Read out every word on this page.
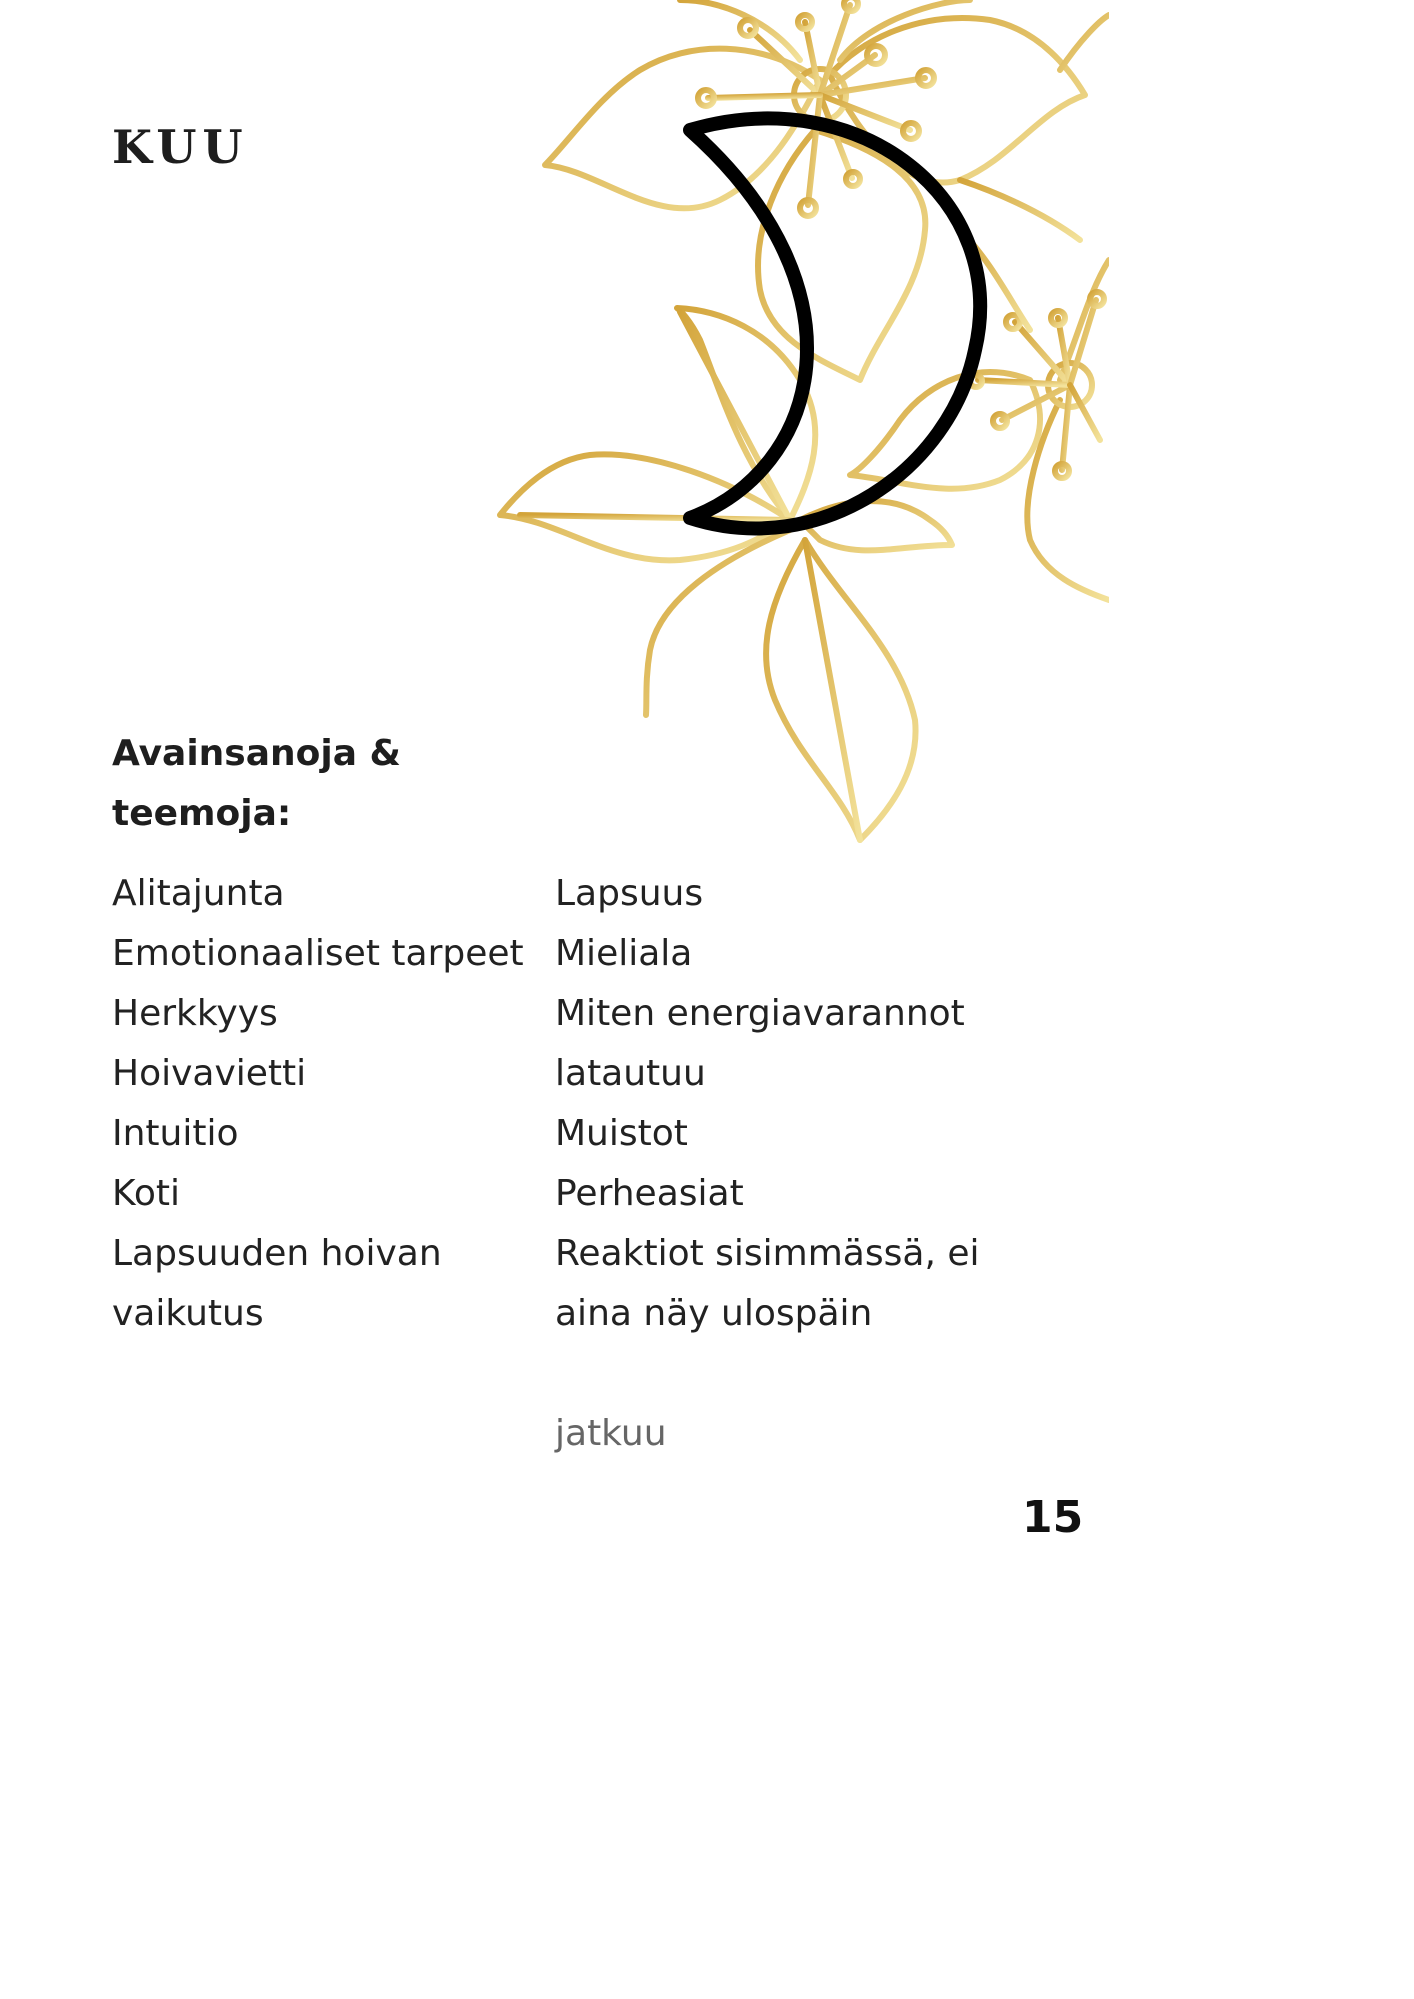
KUU
Avainsanoja & teemoja:
Alitajunta
Emotionaaliset tarpeet
Herkkyys
Hoivavietti
Intuitio
Koti
Lapsuuden hoivan
vaikutus
Lapsuus
Mieliala
Miten energiavarannot
latautuu
Muistot
Perheasiat
Reaktiot sisimmässä, ei
aina näy ulospäin

jatkuu

15
